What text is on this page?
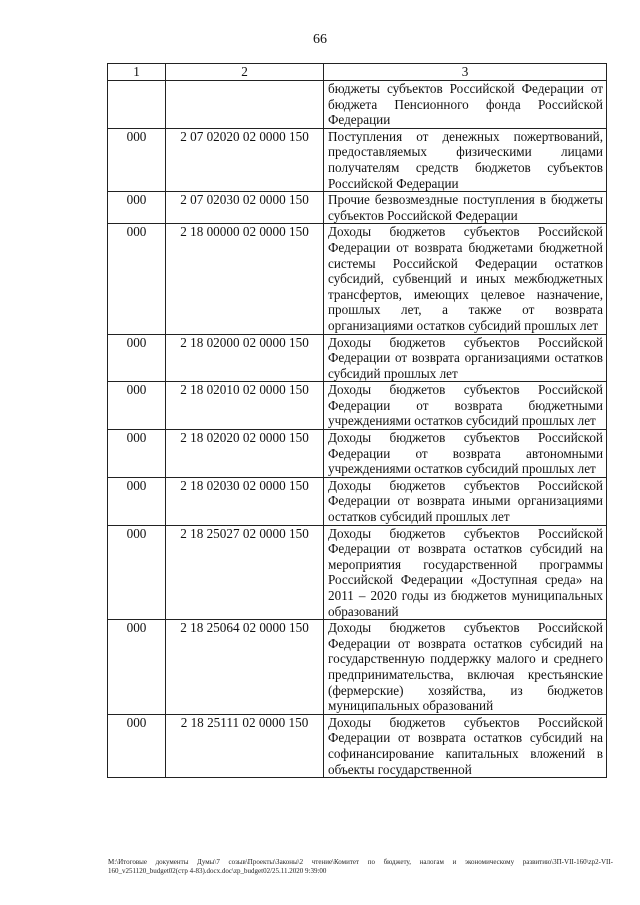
66
1	2	3
		бюджеты субъектов Российской Федерации от бюджета Пенсионного фонда Российской Федерации
000	2 07 02020 02 0000 150	Поступления от денежных пожертвований, предоставляемых физическими лицами получателям средств бюджетов субъектов Российской Федерации
000	2 07 02030 02 0000 150	Прочие безвозмездные поступления в бюджеты субъектов Российской Федерации
000	2 18 00000 02 0000 150	Доходы бюджетов субъектов Российской Федерации от возврата бюджетами бюджетной системы Российской Федерации остатков субсидий, субвенций и иных межбюджетных трансфертов, имеющих целевое назначение, прошлых лет, а также от возврата организациями остатков субсидий прошлых лет
000	2 18 02000 02 0000 150	Доходы бюджетов субъектов Российской Федерации от возврата организациями остатков субсидий прошлых лет
000	2 18 02010 02 0000 150	Доходы бюджетов субъектов Российской Федерации от возврата бюджетными учреждениями остатков субсидий прошлых лет
000	2 18 02020 02 0000 150	Доходы бюджетов субъектов Российской Федерации от возврата автономными учреждениями остатков субсидий прошлых лет
000	2 18 02030 02 0000 150	Доходы бюджетов субъектов Российской Федерации от возврата иными организациями остатков субсидий прошлых лет
000	2 18 25027 02 0000 150	Доходы бюджетов субъектов Российской Федерации от возврата остатков субсидий на мероприятия государственной программы Российской Федерации «Доступная среда» на 2011 – 2020 годы из бюджетов муниципальных образований
000	2 18 25064 02 0000 150	Доходы бюджетов субъектов Российской Федерации от возврата остатков субсидий на государственную поддержку малого и среднего предпринимательства, включая крестьянские (фермерские) хозяйства, из бюджетов муниципальных образований
000	2 18 25111 02 0000 150	Доходы бюджетов субъектов Российской Федерации от возврата остатков субсидий на софинансирование капитальных вложений в объекты государственной
M:\Итоговые документы Думы\7 созыв\Проекты\Законы\2 чтение\Комитет по бюджету, налогам и экономическому развитию\3П-VII-160\zp2-VII-160_v251120_budget02(стр 4-83).docx.doc\zp_budget02/25.11.2020 9:39:00
